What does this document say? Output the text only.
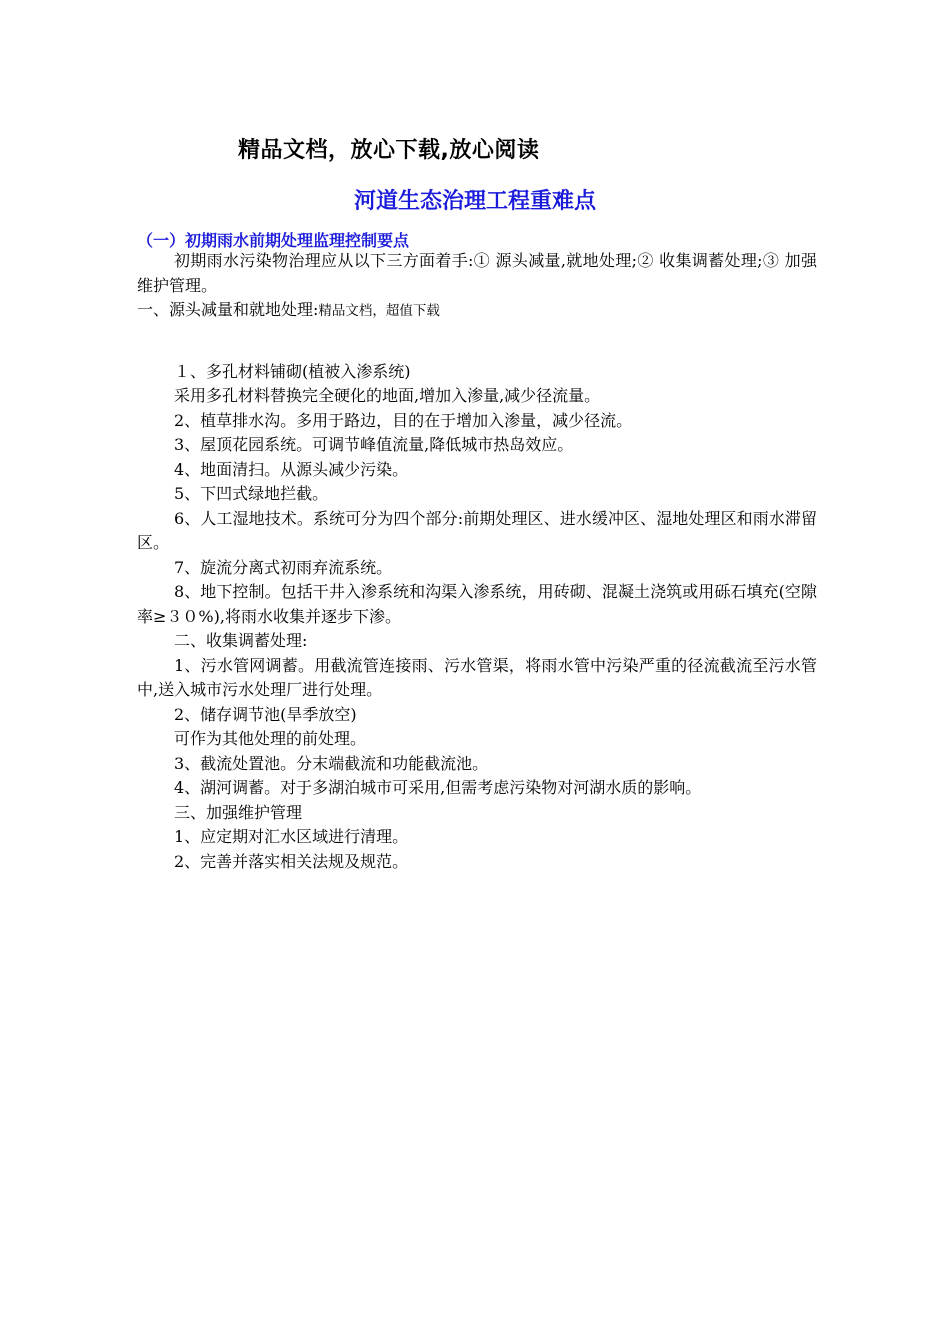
精品文档，放心下载,放心阅读
河道生态治理工程重难点
（一）初期雨水前期处理监理控制要点

初期雨水污染物治理应从以下三方面着手:① 源头减量,就地处理;② 收集调蓄处理;③ 加强维护管理。

一、源头减量和就地处理:精品文档，超值下载

１、多孔材料铺砌(植被入渗系统)

采用多孔材料替换完全硬化的地面,增加入渗量,减少径流量。

2、植草排水沟。多用于路边，目的在于增加入渗量，减少径流。

3、屋顶花园系统。可调节峰值流量,降低城市热岛效应。

4、地面清扫。从源头减少污染。

5、下凹式绿地拦截。

6、人工湿地技术。系统可分为四个部分:前期处理区、进水缓冲区、湿地处理区和雨水滞留区。

7、旋流分离式初雨弃流系统。

8、地下控制。包括干井入渗系统和沟渠入渗系统，用砖砌、混凝土浇筑或用砾石填充(空隙率≥３０%),将雨水收集并逐步下渗。

二、收集调蓄处理:

1、污水管网调蓄。用截流管连接雨、污水管渠，将雨水管中污染严重的径流截流至污水管中,送入城市污水处理厂进行处理。

2、储存调节池(旱季放空)

可作为其他处理的前处理。

3、截流处置池。分末端截流和功能截流池。

4、湖河调蓄。对于多湖泊城市可采用,但需考虑污染物对河湖水质的影响。

三、加强维护管理

1、应定期对汇水区域进行清理。

2、完善并落实相关法规及规范。
